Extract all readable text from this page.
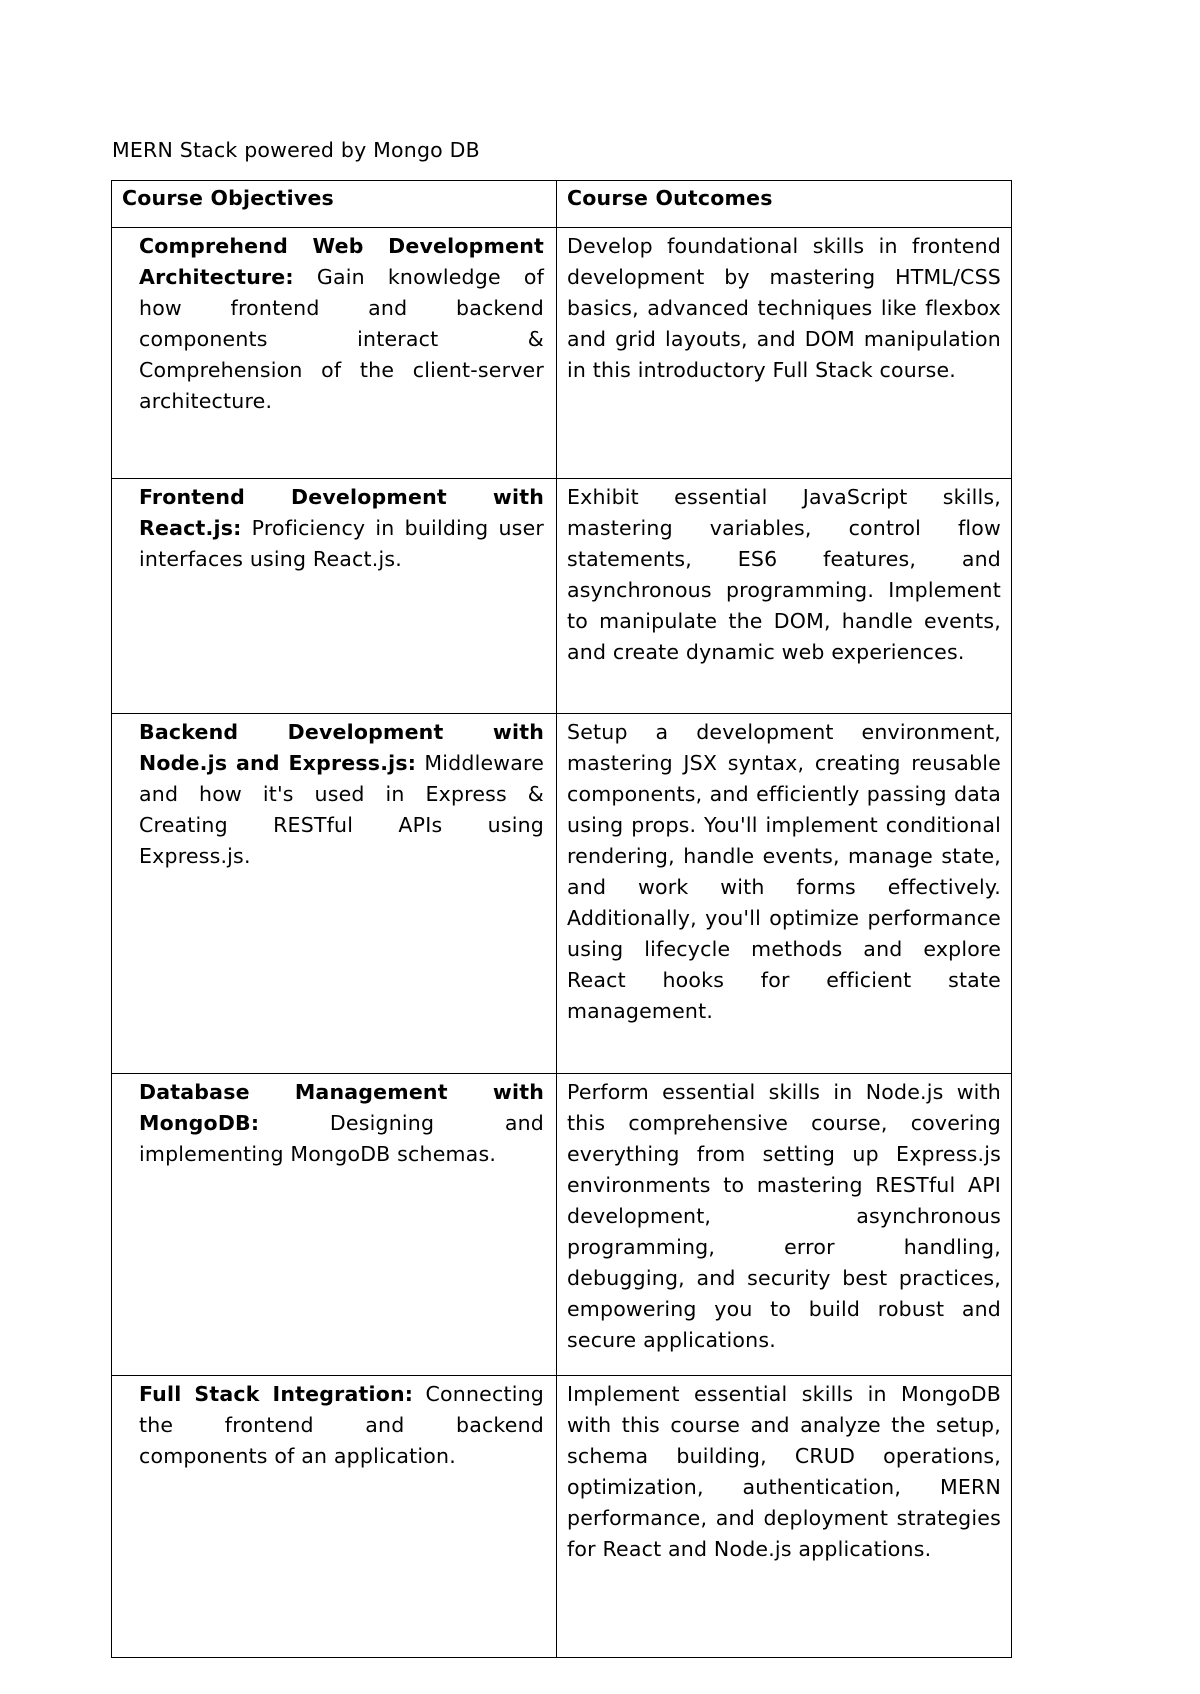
MERN Stack powered by Mongo DB
Course Objectives	Course Outcomes

Comprehend Web Development Architecture: Gain knowledge of how frontend and backend components interact & Comprehension of the client-server architecture.	Develop foundational skills in frontend development by mastering HTML/CSS basics, advanced techniques like flexbox and grid layouts, and DOM manipulation in this introductory Full Stack course.

Frontend Development with React.js: Proficiency in building user interfaces using React.js.	Exhibit essential JavaScript skills, mastering variables, control flow statements, ES6 features, and asynchronous programming. Implement to manipulate the DOM, handle events, and create dynamic web experiences.

Backend Development with Node.js and Express.js: Middleware and how it's used in Express & Creating RESTful APIs using Express.js.	Setup a development environment, mastering JSX syntax, creating reusable components, and efficiently passing data using props. You'll implement conditional rendering, handle events, manage state, and work with forms effectively. Additionally, you'll optimize performance using lifecycle methods and explore React hooks for efficient state management.

Database Management with MongoDB: Designing and implementing MongoDB schemas.	Perform essential skills in Node.js with this comprehensive course, covering everything from setting up Express.js environments to mastering RESTful API development, asynchronous programming, error handling, debugging, and security best practices, empowering you to build robust and secure applications.

Full Stack Integration: Connecting the frontend and backend components of an application.	Implement essential skills in MongoDB with this course and analyze the setup, schema building, CRUD operations, optimization, authentication, MERN performance, and deployment strategies for React and Node.js applications.
